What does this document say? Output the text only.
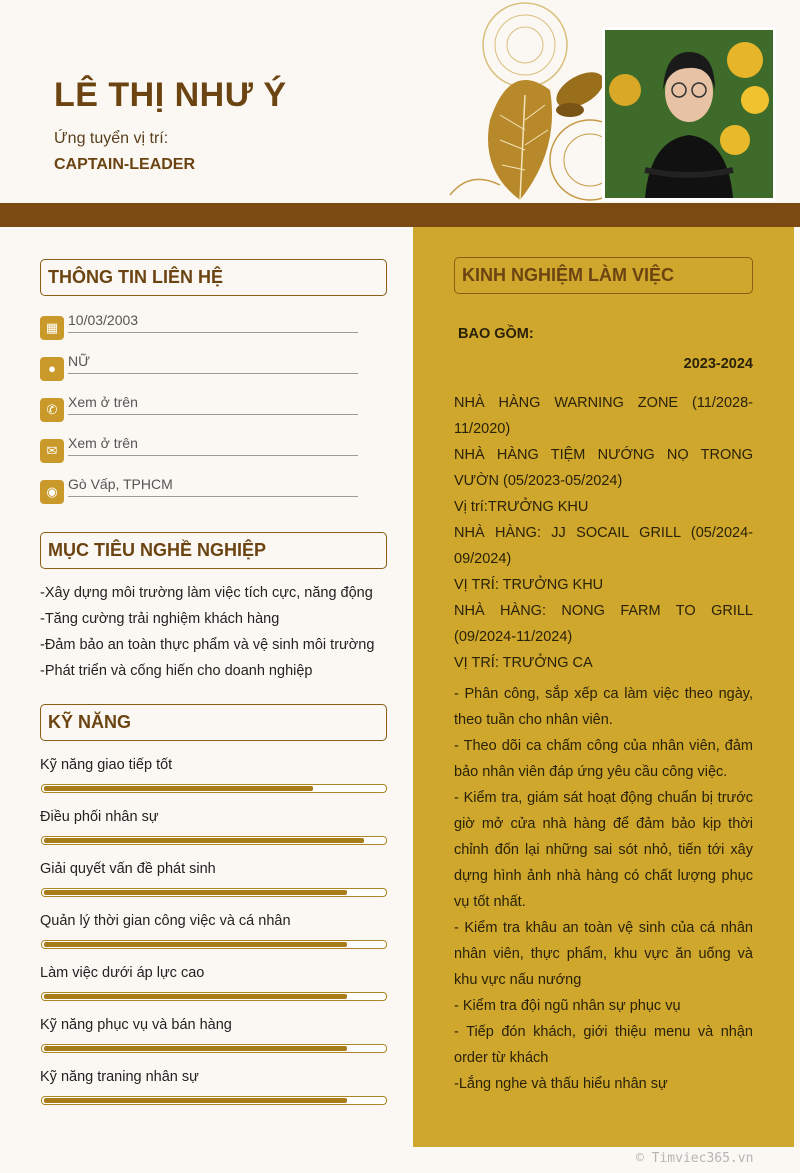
LÊ THỊ NHƯ Ý
Ứng tuyển vị trí:
CAPTAIN-LEADER
THÔNG TIN LIÊN HỆ
▦ 10/03/2003
● NỮ
✆ Xem ở trên
✉ Xem ở trên
◉ Gò Vấp, TPHCM
MỤC TIÊU NGHỀ NGHIỆP
-Xây dựng môi trường làm việc tích cực, năng động
-Tăng cường trải nghiệm khách hàng
-Đảm bảo an toàn thực phẩm và vệ sinh môi trường
-Phát triển và cống hiến cho doanh nghiệp
KỸ NĂNG
Kỹ năng giao tiếp tốt
Điều phối nhân sự
Giải quyết vấn đề phát sinh
Quản lý thời gian công việc và cá nhân
Làm việc dưới áp lực cao
Kỹ năng phục vụ và bán hàng
Kỹ năng traning nhân sự
KINH NGHIỆM LÀM VIỆC
BAO GỒM:
2023-2024
NHÀ HÀNG WARNING ZONE (11/2028-11/2020)
NHÀ HÀNG TIỆM NƯỚNG NỌ TRONG VƯỜN (05/2023-05/2024)
Vị trí:TRƯỞNG KHU
NHÀ HÀNG: JJ SOCAIL GRILL (05/2024-09/2024)
VỊ TRÍ: TRƯỞNG KHU
NHÀ HÀNG: NONG FARM TO GRILL (09/2024-11/2024)
VỊ TRÍ: TRƯỞNG CA
- Phân công, sắp xếp ca làm việc theo ngày, theo tuần cho nhân viên.
- Theo dõi ca chấm công của nhân viên, đảm bảo nhân viên đáp ứng yêu cầu công việc.
- Kiểm tra, giám sát hoạt động chuẩn bị trước giờ mở cửa nhà hàng để đảm bảo kịp thời chỉnh đốn lại những sai sót nhỏ, tiến tới xây dựng hình ảnh nhà hàng có chất lượng phục vụ tốt nhất.
- Kiểm tra khâu an toàn vệ sinh của cá nhân nhân viên, thực phẩm, khu vực ăn uống và khu vực nấu nướng
- Kiểm tra đội ngũ nhân sự phục vụ
- Tiếp đón khách, giới thiệu menu và nhận order từ khách
-Lắng nghe và thấu hiểu nhân sự
© Timviec365.vn
